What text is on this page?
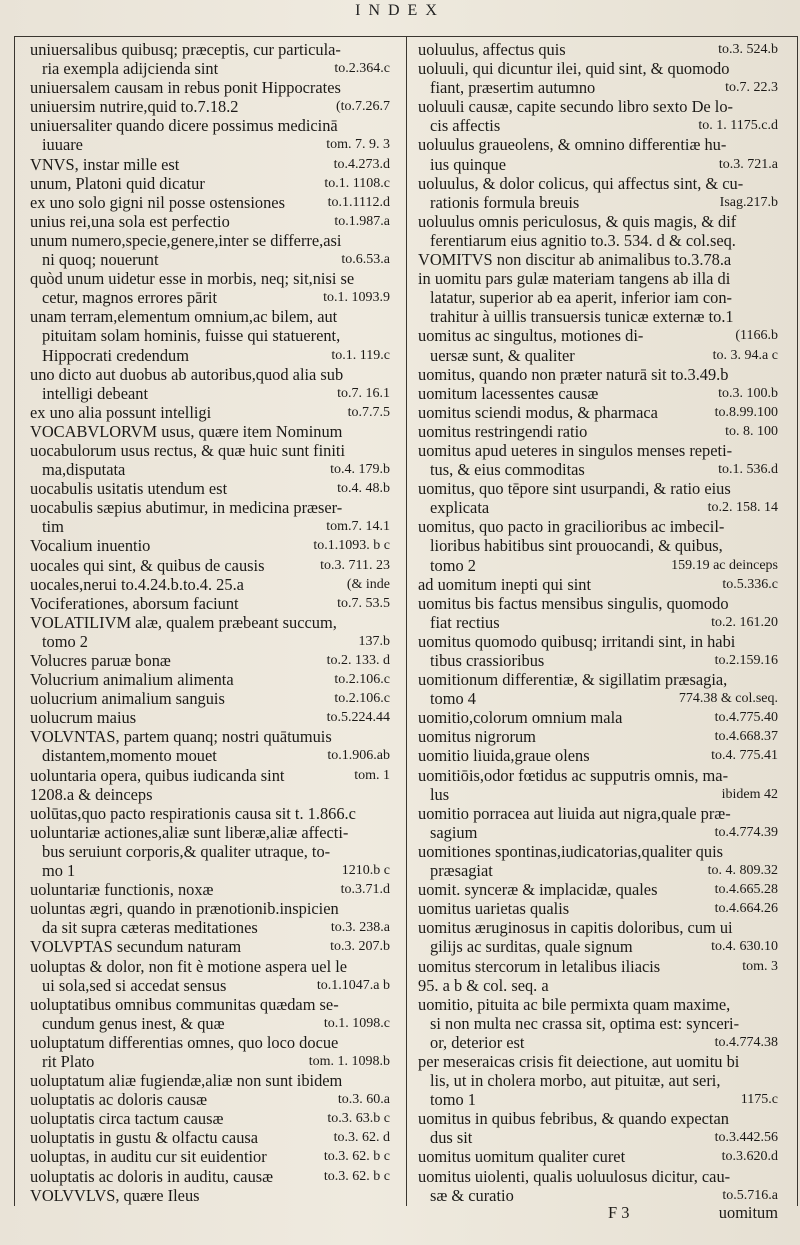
INDEX
uniuersalibus quibusq; præceptis, cur particula-
ria exempla adijcienda sint	to.2.364.c
uniuersalem causam in rebus ponit Hippocrates
uniuersim nutrire,quid to.7.18.2	(to.7.26.7
uniuersaliter quando dicere possimus medicinā
iuuare	tom. 7. 9. 3
VNVS, instar mille est	to.4.273.d
unum, Platoni quid dicatur	to.1. 1108.c
ex uno solo gigni nil posse ostensiones	to.1.1112.d
unius rei,una sola est perfectio	to.1.987.a
unum numero,specie,genere,inter se differre,asi
ni quoq; nouerunt	to.6.53.a
quòd unum uidetur esse in morbis, neq; sit,nisi se
cetur, magnos errores pārit	to.1. 1093.9
unam terram,elementum omnium,ac bilem, aut
pituitam solam hominis, fuisse qui statuerent,
Hippocrati credendum	to.1. 119.c
uno dicto aut duobus ab autoribus,quod alia sub
intelligi debeant	to.7. 16.1
ex uno alia possunt intelligi	to.7.7.5
VOCABVLORVM usus, quære item Nominum
uocabulorum usus rectus, & quæ huic sunt finiti
ma,disputata	to.4. 179.b
uocabulis usitatis utendum est	to.4. 48.b
uocabulis sæpius abutimur, in medicina præser-
tim	tom.7. 14.1
Vocalium inuentio	to.1.1093. b c
uocales qui sint, & quibus de causis	to.3. 711. 23
uocales,nerui to.4.24.b.to.4. 25.a	(& inde
Vociferationes, aborsum faciunt	to.7. 53.5
VOLATILIVM alæ, qualem præbeant succum,
tomo 2	137.b
Volucres paruæ bonæ	to.2. 133. d
Volucrium animalium alimenta	to.2.106.c
uolucrium animalium sanguis	to.2.106.c
uolucrum maius	to.5.224.44
VOLVNTAS, partem quanq; nostri quātumuis
distantem,momento mouet	to.1.906.ab
uoluntaria opera, quibus iudicanda sint	tom. 1
1208.a & deinceps
uolūtas,quo pacto respirationis causa sit t. 1.866.c
uoluntariæ actiones,aliæ sunt liberæ,aliæ affecti-
bus seruiunt corporis,& qualiter utraque, to-
mo 1	1210.b c
uoluntariæ functionis, noxæ	to.3.71.d
uoluntas ægri, quando in prænotionib.inspicien
da sit supra cæteras meditationes	to.3. 238.a
VOLVPTAS secundum naturam	to.3. 207.b
uoluptas & dolor, non fit è motione aspera uel le
ui sola,sed si accedat sensus	to.1.1047.a b
uoluptatibus omnibus communitas quædam se-
cundum genus inest, & quæ	to.1. 1098.c
uoluptatum differentias omnes, quo loco docue
rit Plato	tom. 1. 1098.b
uoluptatum aliæ fugiendæ,aliæ non sunt ibidem
uoluptatis ac doloris causæ	to.3. 60.a
uoluptatis circa tactum causæ	to.3. 63.b c
uoluptatis in gustu & olfactu causa	to.3. 62. d
uoluptas, in auditu cur sit euidentior	to.3. 62. b c
uoluptatis ac doloris in auditu, causæ	to.3. 62. b c
VOLVVLVS, quære Ileus
uoluulus, affectus quis	to.3. 524.b
uoluuli, qui dicuntur ilei, quid sint, & quomodo
fiant, præsertim autumno	to.7. 22.3
uoluuli causæ, capite secundo libro sexto De lo-
cis affectis	to. 1. 1175.c.d
uoluulus graueolens, & omnino differentiæ hu-
ius quinque	to.3. 721.a
uoluulus, & dolor colicus, qui affectus sint, & cu-
rationis formula breuis	Isag.217.b
uoluulus omnis periculosus, & quis magis, & dif
ferentiarum eius agnitio to.3. 534. d & col.seq.
VOMITVS non discitur ab animalibus to.3.78.a
in uomitu pars gulæ materiam tangens ab illa di
latatur, superior ab ea aperit, inferior iam con-
trahitur à uillis transuersis tunicæ externæ to.1
uomitus ac singultus, motiones di-	(1166.b
uersæ sunt, & qualiter	to. 3. 94.a c
uomitus, quando non præter naturā sit to.3.49.b
uomitum lacessentes causæ	to.3. 100.b
uomitus sciendi modus, & pharmaca	to.8.99.100
uomitus restringendi ratio	to. 8. 100
uomitus apud ueteres in singulos menses repeti-
tus, & eius commoditas	to.1. 536.d
uomitus, quo tēpore sint usurpandi, & ratio eius
explicata	to.2. 158. 14
uomitus, quo pacto in gracilioribus ac imbecil-
lioribus habitibus sint prouocandi, & quibus,
tomo 2	159.19 ac deinceps
ad uomitum inepti qui sint	to.5.336.c
uomitus bis factus mensibus singulis, quomodo
fiat rectius	to.2. 161.20
uomitus quomodo quibusq; irritandi sint, in habi
tibus crassioribus	to.2.159.16
uomitionum differentiæ, & sigillatim præsagia,
tomo 4	774.38 & col.seq.
uomitio,colorum omnium mala	to.4.775.40
uomitus nigrorum	to.4.668.37
uomitio liuida,graue olens	to.4. 775.41
uomitiōis,odor fœtidus ac supputris omnis, ma-
lus	ibidem 42
uomitio porracea aut liuida aut nigra,quale præ-
sagium	to.4.774.39
uomitiones spontinas,iudicatorias,qualiter quis
præsagiat	to. 4. 809.32
uomit. synceræ & implacidæ, quales	to.4.665.28
uomitus uarietas qualis	to.4.664.26
uomitus æruginosus in capitis doloribus, cum ui
gilijs ac surditas, quale signum	to.4. 630.10
uomitus stercorum in letalibus iliacis	tom. 3
95. a b & col. seq. a
uomitio, pituita ac bile permixta quam maxime,
si non multa nec crassa sit, optima est: synceri-
or, deterior est	to.4.774.38
per meseraicas crisis fit deiectione, aut uomitu bi
lis, ut in cholera morbo, aut pituitæ, aut seri,
tomo 1	1175.c
uomitus in quibus febribus, & quando expectan
dus sit	to.3.442.56
uomitus uomitum qualiter curet	to.3.620.d
uomitus uiolenti, qualis uoluulosus dicitur, cau-
sæ & curatio	to.5.716.a
F 3	uomitum
